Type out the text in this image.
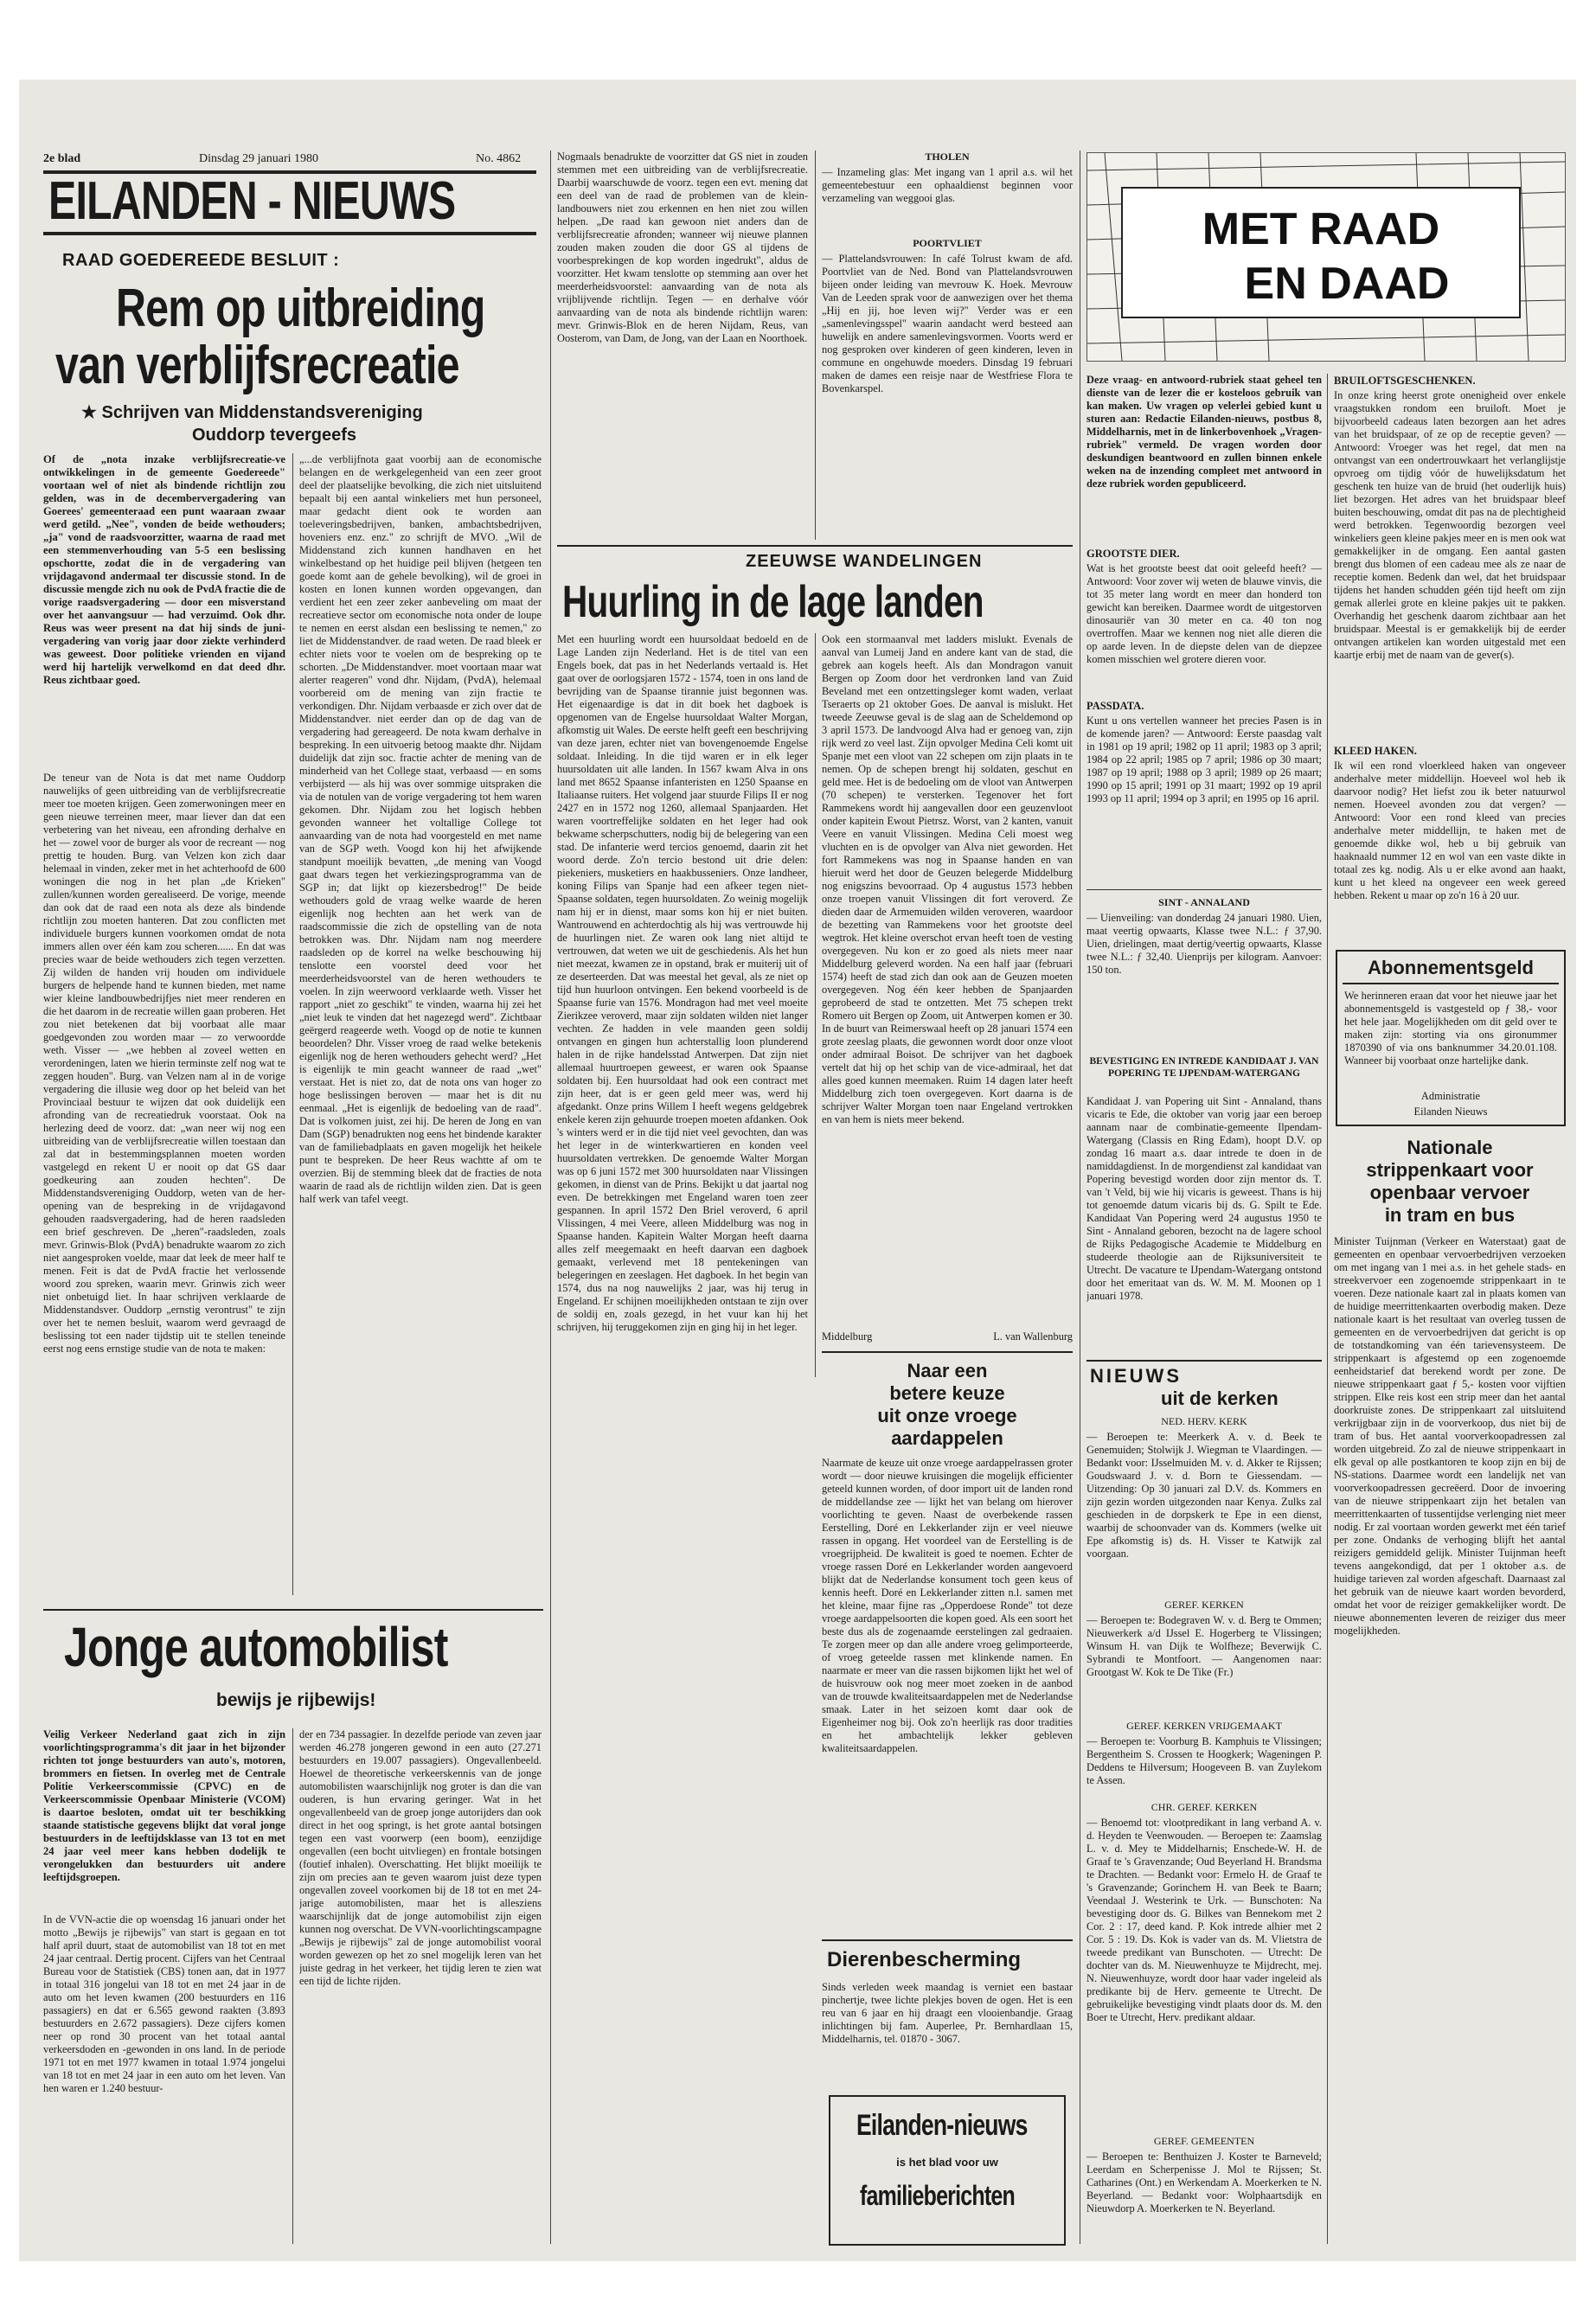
2e blad	Dinsdag 29 januari 1980	No. 4862
EILANDEN - NIEUWS
RAAD GOEDEREEDE BESLUIT :
Rem op uitbreiding
van verblijfsrecreatie
★ Schrijven van Middenstandsvereniging
Ouddorp tevergeefs
Of de „nota inzake verblijfsrecreatie-ve ontwikkelingen in de gemeente Goedereede" voortaan wel of niet als bindende richtlijn zou gelden, was in de decembervergadering van Goerees' gemeenteraad een punt waaraan zwaar werd getild. „Nee", vonden de beide wethouders; „ja" vond de raadsvoorzitter, waarna de raad met een stemmenverhouding van 5-5 een beslissing opschortte, zodat die in de vergadering van vrijdagavond andermaal ter discussie stond. In de discussie mengde zich nu ook de PvdA fractie die de vorige raadsvergadering — door een misverstand over het aanvangsuur — had verzuimd. Ook dhr. Reus was weer present na dat hij sinds de juni-vergadering van vorig jaar door ziekte verhinderd was geweest. Door politieke vrienden en vijand werd hij hartelijk verwelkomd en dat deed dhr. Reus zichtbaar goed.
De teneur van de Nota is dat met name Ouddorp nauwelijks of geen uitbreiding van de verblijfsrecreatie meer toe moeten krijgen. Geen zomerwoningen meer en geen nieuwe terreinen meer, maar liever dan dat een verbetering van het niveau, een afronding derhalve en het — zowel voor de burger als voor de recreant — nog prettig te houden. Burg. van Velzen kon zich daar helemaal in vinden, zeker met in het achterhoofd de 600 woningen die nog in het plan „de Krieken" zullen/kunnen worden gerealiseerd. De vorige, meende dan ook dat de raad een nota als deze als bindende richtlijn zou moeten hanteren. Dat zou conflicten met individuele burgers kunnen voorkomen omdat de nota immers allen over één kam zou scheren...... En dat was precies waar de beide wethouders zich tegen verzetten. Zij wilden de handen vrij houden om individuele burgers de helpende hand te kunnen bieden, met name wier kleine landbouwbedrijfjes niet meer renderen en die het daarom in de recreatie willen gaan proberen. Het zou niet betekenen dat bij voorbaat alle maar goedgevonden zou worden maar — zo verwoordde weth. Visser — „we hebben al zoveel wetten en verordeningen, laten we hierin terminste zelf nog wat te zeggen houden". Burg. van Velzen nam al in de vorige vergadering die illusie weg door op het beleid van het Provinciaal bestuur te wijzen dat ook duidelijk een afronding van de recreatiedruk voorstaat. Ook na herlezing deed de voorz. dat: „wan neer wij nog een uitbreiding van de verblijfsrecreatie willen toestaan dan zal dat in bestemmingsplannen moeten worden vastgelegd en rekent U er nooit op dat GS daar goedkeuring aan zouden hechten". De Middenstandsvereniging Ouddorp, weten van de her-opening van de bespreking in de vrijdagavond gehouden raadsvergadering, had de heren raadsleden een brief geschreven. De „heren"-raadsleden, zoals mevr. Grinwis-Blok (PvdA) benadrukte waarom zo zich niet aangesproken voelde, maar dat leek de meer half te menen. Feit is dat de PvdA fractie het verlossende woord zou spreken, waarin mevr. Grinwis zich weer niet onbetuigd liet. In haar schrijven verklaarde de Middenstandsver. Ouddorp „ernstig verontrust" te zijn over het te nemen besluit, waarom werd gevraagd de beslissing tot een nader tijdstip uit te stellen teneinde eerst nog eens ernstige studie van de nota te maken:
„...de verblijfnota gaat voorbij aan de economische belangen en de werkgelegenheid van een zeer groot deel der plaatselijke bevolking, die zich niet uitsluitend bepaalt bij een aantal winkeliers met hun personeel, maar gedacht dient ook te worden aan toeleveringsbedrijven, banken, ambachtsbedrijven, hoveniers enz. enz." zo schrijft de MVO. „Wil de Middenstand zich kunnen handhaven en het winkelbestand op het huidige peil blijven (hetgeen ten goede komt aan de gehele bevolking), wil de groei in kosten en lonen kunnen worden opgevangen, dan verdient het een zeer zeker aanbeveling om maat der recreatieve sector om economische nota onder de loupe te nemen en eerst alsdan een beslissing te nemen," zo liet de Middenstandver. de raad weten. De raad bleek er echter niets voor te voelen om de bespreking op te schorten. „De Middenstandver. moet voortaan maar wat alerter reageren" vond dhr. Nijdam, (PvdA), helemaal voorbereid om de mening van zijn fractie te verkondigen. Dhr. Nijdam verbaasde er zich over dat de Middenstandver. niet eerder dan op de dag van de vergadering had gereageerd. De nota kwam derhalve in bespreking. In een uitvoerig betoog maakte dhr. Nijdam duidelijk dat zijn soc. fractie achter de mening van de minderheid van het College staat, verbaasd — en soms verbijsterd — als hij was over sommige uitspraken die via de notulen van de vorige vergadering tot hem waren gekomen. Dhr. Nijdam zou het logisch hebben gevonden wanneer het voltallige College tot aanvaarding van de nota had voorgesteld en met name van de SGP weth. Voogd kon hij het afwijkende standpunt moeilijk bevatten, „de mening van Voogd gaat dwars tegen het verkiezingsprogramma van de SGP in; dat lijkt op kiezersbedrog!" De beide wethouders gold de vraag welke waarde de heren eigenlijk nog hechten aan het werk van de raadscommissie die zich de opstelling van de nota betrokken was. Dhr. Nijdam nam nog meerdere raadsleden op de korrel na welke beschouwing hij tenslotte een voorstel deed voor het meerderheidsvoorstel van de heren wethouders te voelen. In zijn weerwoord verklaarde weth. Visser het rapport „niet zo geschikt" te vinden, waarna hij zei het „niet leuk te vinden dat het nagezegd werd". Zichtbaar geërgerd reageerde weth. Voogd op de notie te kunnen beoordelen? Dhr. Visser vroeg de raad welke betekenis eigenlijk nog de heren wethouders gehecht werd? „Het is eigenlijk te min geacht wanneer de raad „wet" verstaat. Het is niet zo, dat de nota ons van hoger zo hoge beslissingen beroven — maar het is dit nu eenmaal. „Het is eigenlijk de bedoeling van de raad". Dat is volkomen juist, zei hij. De heren de Jong en van Dam (SGP) benadrukten nog eens het bindende karakter van de familiebadplaats en gaven mogelijk het heikele punt te bespreken. De heer Reus wachtte af om te overzien. Bij de stemming bleek dat de fracties de nota waarin de raad als de richtlijn wilden zien. Dat is geen half werk van tafel veegt.
Jonge automobilist
bewijs je rijbewijs!
Veilig Verkeer Nederland gaat zich in zijn voorlichtingsprogramma's dit jaar in het bijzonder richten tot jonge bestuurders van auto's, motoren, brommers en fietsen. In overleg met de Centrale Politie Verkeerscommissie (CPVC) en de Verkeerscommissie Openbaar Ministerie (VCOM) is daartoe besloten, omdat uit ter beschikking staande statistische gegevens blijkt dat voral jonge bestuurders in de leeftijdsklasse van 13 tot en met 24 jaar veel meer kans hebben dodelijk te verongelukken dan bestuurders uit andere leeftijdsgroepen.
In de VVN-actie die op woensdag 16 januari onder het motto „Bewijs je rijbewijs" van start is gegaan en tot half april duurt, staat de automobilist van 18 tot en met 24 jaar centraal. Dertig procent. Cijfers van het Centraal Bureau voor de Statistiek (CBS) tonen aan, dat in 1977 in totaal 316 jongelui van 18 tot en met 24 jaar in de auto om het leven kwamen (200 bestuurders en 116 passagiers) en dat er 6.565 gewond raakten (3.893 bestuurders en 2.672 passagiers). Deze cijfers komen neer op rond 30 procent van het totaal aantal verkeersdoden en -gewonden in ons land. In de periode 1971 tot en met 1977 kwamen in totaal 1.974 jongelui van 18 tot en met 24 jaar in een auto om het leven. Van hen waren er 1.240 bestuur-
der en 734 passagier. In dezelfde periode van zeven jaar werden 46.278 jongeren gewond in een auto (27.271 bestuurders en 19.007 passagiers). Ongevallenbeeld. Hoewel de theoretische verkeerskennis van de jonge automobilisten waarschijnlijk nog groter is dan die van ouderen, is hun ervaring geringer. Wat in het ongevallenbeeld van de groep jonge autorijders dan ook direct in het oog springt, is het grote aantal botsingen tegen een vast voorwerp (een boom), eenzijdige ongevallen (een bocht uitvliegen) en frontale botsingen (foutief inhalen). Overschatting. Het blijkt moeilijk te zijn om precies aan te geven waarom juist deze typen ongevallen zoveel voorkomen bij de 18 tot en met 24-jarige automobilisten, maar het is allesziens waarschijnlijk dat de jonge automobilist zijn eigen kunnen nog overschat. De VVN-voorlichtingscampagne „Bewijs je rijbewijs" zal de jonge automobilist vooral worden gewezen op het zo snel mogelijk leren van het juiste gedrag in het verkeer, het tijdig leren te zien wat een tijd de lichte rijden.
Nogmaals benadrukte de voorzitter dat GS niet in zouden stemmen met een uitbreiding van de verblijfsrecreatie. Daarbij waarschuwde de voorz. tegen een evt. mening dat een deel van de raad de problemen van de klein-landbouwers niet zou erkennen en hen niet zou willen helpen. „De raad kan gewoon niet anders dan de verblijfsrecreatie afronden; wanneer wij nieuwe plannen zouden maken zouden die door GS al tijdens de voorbesprekingen de kop worden ingedrukt", aldus de voorzitter. Het kwam tenslotte op stemming aan over het meerderheidsvoorstel: aanvaarding van de nota als vrijblijvende richtlijn. Tegen — en derhalve vóór aanvaarding van de nota als bindende richtlijn waren: mevr. Grinwis-Blok en de heren Nijdam, Reus, van Oosterom, van Dam, de Jong, van der Laan en Noorthoek.
THOLEN
— Inzameling glas: Met ingang van 1 april a.s. wil het gemeentebestuur een ophaaldienst beginnen voor verzameling van weggooi glas.
POORTVLIET
— Plattelandsvrouwen: In café Tolrust kwam de afd. Poortvliet van de Ned. Bond van Plattelandsvrouwen bijeen onder leiding van mevrouw K. Hoek. Mevrouw Van de Leeden sprak voor de aanwezigen over het thema „Hij en jij, hoe leven wij?" Verder was er een „samenlevingsspel" waarin aandacht werd besteed aan huwelijk en andere samenlevingsvormen. Voorts werd er nog gesproken over kinderen of geen kinderen, leven in commune en ongehuwde moeders. Dinsdag 19 februari maken de dames een reisje naar de Westfriese Flora te Bovenkarspel.
ZEEUWSE WANDELINGEN
Huurling in de lage landen
Met een huurling wordt een huursoldaat bedoeld en de Lage Landen zijn Nederland. Het is de titel van een Engels boek, dat pas in het Nederlands vertaald is. Het gaat over de oorlogsjaren 1572 - 1574, toen in ons land de bevrijding van de Spaanse tirannie juist begonnen was. Het eigenaardige is dat in dit boek het dagboek is opgenomen van de Engelse huursoldaat Walter Morgan, afkomstig uit Wales. De eerste helft geeft een beschrijving van deze jaren, echter niet van bovengenoemde Engelse soldaat. Inleiding. In die tijd waren er in elk leger huursoldaten uit alle landen. In 1567 kwam Alva in ons land met 8652 Spaanse infanteristen en 1250 Spaanse en Italiaanse ruiters. Het volgend jaar stuurde Filips II er nog 2427 en in 1572 nog 1260, allemaal Spanjaarden. Het waren voortreffelijke soldaten en het leger had ook bekwame scherpschutters, nodig bij de belegering van een stad. De infanterie werd tercios genoemd, daarin zit het woord derde. Zo'n tercio bestond uit drie delen: piekeniers, musketiers en haakbusseniers. Onze landheer, koning Filips van Spanje had een afkeer tegen niet-Spaanse soldaten, tegen huursoldaten. Zo weinig mogelijk nam hij er in dienst, maar soms kon hij er niet buiten. Wantrouwend en achterdochtig als hij was vertrouwde hij de huurlingen niet. Ze waren ook lang niet altijd te vertrouwen, dat weten we uit de geschiedenis. Als het hun niet meezat, kwamen ze in opstand, brak er muiterij uit of ze deserteerden. Dat was meestal het geval, als ze niet op tijd hun huurloon ontvingen. Een bekend voorbeeld is de Spaanse furie van 1576. Mondragon had met veel moeite Zierikzee veroverd, maar zijn soldaten wilden niet langer vechten. Ze hadden in vele maanden geen soldij ontvangen en gingen hun achterstallig loon plunderend halen in de rijke handelsstad Antwerpen. Dat zijn niet allemaal huurtroepen geweest, er waren ook Spaanse soldaten bij. Een huursoldaat had ook een contract met zijn heer, dat is er geen geld meer was, werd hij afgedankt. Onze prins Willem I heeft wegens geldgebrek enkele keren zijn gehuurde troepen moeten afdanken. Ook 's winters werd er in die tijd niet veel gevochten, dan was het leger in de winterkwartieren en konden veel huursoldaten vertrekken. De genoemde Walter Morgan was op 6 juni 1572 met 300 huursoldaten naar Vlissingen gekomen, in dienst van de Prins. Bekijkt u dat jaartal nog even. De betrekkingen met Engeland waren toen zeer gespannen. In april 1572 Den Briel veroverd, 6 april Vlissingen, 4 mei Veere, alleen Middelburg was nog in Spaanse handen. Kapitein Walter Morgan heeft daarna alles zelf meegemaakt en heeft daarvan een dagboek gemaakt, verlevend met 18 pentekeningen van belegeringen en zeeslagen. Het dagboek. In het begin van 1574, dus na nog nauwelijks 2 jaar, was hij terug in Engeland. Er schijnen moeilijkheden ontstaan te zijn over de soldij en, zoals gezegd, in het vuur kan hij het schrijven, hij teruggekomen zijn en ging hij in het leger.
Ook een stormaanval met ladders mislukt. Evenals de aanval van Lumeij Jand en andere kant van de stad, die gebrek aan kogels heeft. Als dan Mondragon vanuit Bergen op Zoom door het verdronken land van Zuid Beveland met een ontzettingsleger komt waden, verlaat Tseraerts op 21 oktober Goes. De aanval is mislukt. Het tweede Zeeuwse geval is de slag aan de Scheldemond op 3 april 1573. De landvoogd Alva had er genoeg van, zijn rijk werd zo veel last. Zijn opvolger Medina Celi komt uit Spanje met een vloot van 22 schepen om zijn plaats in te nemen. Op de schepen brengt hij soldaten, geschut en geld mee. Het is de bedoeling om de vloot van Antwerpen (70 schepen) te versterken. Tegenover het fort Rammekens wordt hij aangevallen door een geuzenvloot onder kapitein Ewout Pietrsz. Worst, van 2 kanten, vanuit Veere en vanuit Vlissingen. Medina Celi moest weg vluchten en is de opvolger van Alva niet geworden. Het fort Rammekens was nog in Spaanse handen en van hieruit werd het door de Geuzen belegerde Middelburg nog enigszins bevoorraad. Op 4 augustus 1573 hebben onze troepen vanuit Vlissingen dit fort veroverd. Ze dieden daar de Armemuiden wilden veroveren, waardoor de bezetting van Rammekens voor het grootste deel wegtrok. Het kleine overschot ervan heeft toen de vesting overgegeven. Nu kon er zo goed als niets meer naar Middelburg geleverd worden. Na een half jaar (februari 1574) heeft de stad zich dan ook aan de Geuzen moeten overgegeven. Nog één keer hebben de Spanjaarden geprobeerd de stad te ontzetten. Met 75 schepen trekt Romero uit Bergen op Zoom, uit Antwerpen komen er 30. In de buurt van Reimerswaal heeft op 28 januari 1574 een grote zeeslag plaats, die gewonnen wordt door onze vloot onder admiraal Boisot. De schrijver van het dagboek vertelt dat hij op het schip van de vice-admiraal, het dat alles goed kunnen meemaken. Ruim 14 dagen later heeft Middelburg zich toen overgegeven. Kort daarna is de schrijver Walter Morgan toen naar Engeland vertrokken en van hem is niets meer bekend.
Middelburg	L. van Wallenburg
Naar een
betere keuze
uit onze vroege
aardappelen
Naarmate de keuze uit onze vroege aardappelrassen groter wordt — door nieuwe kruisingen die mogelijk efficienter geteeld kunnen worden, of door import uit de landen rond de middellandse zee — lijkt het van belang om hierover voorlichting te geven. Naast de overbekende rassen Eerstelling, Doré en Lekkerlander zijn er veel nieuwe rassen in opgang. Het voordeel van de Eerstelling is de vroegrijpheid. De kwaliteit is goed te noemen. Echter de vroege rassen Doré en Lekkerlander worden aangevoerd blijkt dat de Nederlandse konsument toch geen keus of kennis heeft. Doré en Lekkerlander zitten n.l. samen met het kleine, maar fijne ras „Opperdoese Ronde" tot deze vroege aardappelsoorten die kopen goed. Als een soort het beste dus als de zogenaamde eerstelingen zal gedraaien. Te zorgen meer op dan alle andere vroeg gelimporteerde, of vroeg geteelde rassen met klinkende namen. En naarmate er meer van die rassen bijkomen lijkt het wel of de huisvrouw ook nog meer moet zoeken in de aanbod van de trouwde kwaliteitsaardappelen met de Nederlandse smaak. Later in het seizoen komt daar ook de Eigenheimer nog bij. Ook zo'n heerlijk ras door tradities en het ambachtelijk lekker gebleven kwaliteitsaardappelen.
Dierenbescherming
Sinds verleden week maandag is verniet een bastaar pinchertje, twee lichte plekjes boven de ogen. Het is een reu van 6 jaar en hij draagt een vlooienbandje. Graag inlichtingen bij fam. Auperlee, Pr. Bernhardlaan 15, Middelharnis, tel. 01870 - 3067.
Eilanden-nieuws
is het blad voor uw
familieberichten
MET RAAD
EN DAAD
Deze vraag- en antwoord-rubriek staat geheel ten dienste van de lezer die er kosteloos gebruik van kan maken. Uw vragen op velerlei gebied kunt u sturen aan: Redactie Eilanden-nieuws, postbus 8, Middelharnis, met in de linkerbovenhoek „Vragen-rubriek" vermeld. De vragen worden door deskundigen beantwoord en zullen binnen enkele weken na de inzending compleet met antwoord in deze rubriek worden gepubliceerd.
GROOTSTE DIER.
Wat is het grootste beest dat ooit geleefd heeft? — Antwoord: Voor zover wij weten de blauwe vinvis, die tot 35 meter lang wordt en meer dan honderd ton gewicht kan bereiken. Daarmee wordt de uitgestorven dinosauriër van 30 meter en ca. 40 ton nog overtroffen. Maar we kennen nog niet alle dieren die op aarde leven. In de diepste delen van de diepzee komen misschien wel grotere dieren voor.
PASSDATA.
Kunt u ons vertellen wanneer het precies Pasen is in de komende jaren? — Antwoord: Eerste paasdag valt in 1981 op 19 april; 1982 op 11 april; 1983 op 3 april; 1984 op 22 april; 1985 op 7 april; 1986 op 30 maart; 1987 op 19 april; 1988 op 3 april; 1989 op 26 maart; 1990 op 15 april; 1991 op 31 maart; 1992 op 19 april 1993 op 11 april; 1994 op 3 april; en 1995 op 16 april.
SINT - ANNALAND
— Uienveiling: van donderdag 24 januari 1980. Uien, maat veertig opwaarts, Klasse twee N.L.: ƒ 37,90. Uien, drielingen, maat dertig/veertig opwaarts, Klasse twee N.L.: ƒ 32,40. Uienprijs per kilogram. Aanvoer: 150 ton.
BEVESTIGING EN INTREDE KANDIDAAT J. VAN POPERING TE IJPENDAM-WATERGANG
Kandidaat J. van Popering uit Sint - Annaland, thans vicaris te Ede, die oktober van vorig jaar een beroep aannam naar de combinatie-gemeente Ilpendam-Watergang (Classis en Ring Edam), hoopt D.V. op zondag 16 maart a.s. daar intrede te doen in de namiddagdienst. In de morgendienst zal kandidaat van Popering bevestigd worden door zijn mentor ds. T. van 't Veld, bij wie hij vicaris is geweest. Thans is hij tot genoemde datum vicaris bij ds. G. Spilt te Ede. Kandidaat Van Popering werd 24 augustus 1950 te Sint - Annaland geboren, bezocht na de lagere school de Rijks Pedagogische Academie te Middelburg en studeerde theologie aan de Rijksuniversiteit te Utrecht. De vacature te IJpendam-Watergang ontstond door het emeritaat van ds. W. M. M. Moonen op 1 januari 1978.
NIEUWS
uit de kerken
NED. HERV. KERK
— Beroepen te: Meerkerk A. v. d. Beek te Genemuiden; Stolwijk J. Wiegman te Vlaardingen. — Bedankt voor: IJsselmuiden M. v. d. Akker te Rijssen; Goudswaard J. v. d. Born te Giessendam. — Uitzending: Op 30 januari zal D.V. ds. Kommers en zijn gezin worden uitgezonden naar Kenya. Zulks zal geschieden in de dorpskerk te Epe in een dienst, waarbij de schoonvader van ds. Kommers (welke uit Epe afkomstig is) ds. H. Visser te Katwijk zal voorgaan.
GEREF. KERKEN
— Beroepen te: Bodegraven W. v. d. Berg te Ommen; Nieuwerkerk a/d IJssel E. Hogerberg te Vlissingen; Winsum H. van Dijk te Wolfheze; Beverwijk C. Sybrandi te Montfoort. — Aangenomen naar: Grootgast W. Kok te De Tike (Fr.)
GEREF. KERKEN VRIJGEMAAKT
— Beroepen te: Voorburg B. Kamphuis te Vlissingen; Bergentheim S. Crossen te Hoogkerk; Wageningen P. Deddens te Hilversum; Hoogeveen B. van Zuylekom te Assen.
CHR. GEREF. KERKEN
— Benoemd tot: vlootpredikant in lang verband A. v. d. Heyden te Veenwouden. — Beroepen te: Zaamslag L. v. d. Mey te Middelharnis; Enschede-W. H. de Graaf te 's Gravenzande; Oud Beyerland H. Brandsma te Drachten. — Bedankt voor: Ermelo H. de Graaf te 's Gravenzande; Gorinchem H. van Beek te Baarn; Veendaal J. Westerink te Urk. — Bunschoten: Na bevestiging door ds. G. Bilkes van Bennekom met 2 Cor. 2 : 17, deed kand. P. Kok intrede alhier met 2 Cor. 5 : 19. Ds. Kok is vader van ds. M. Vlietstra de tweede predikant van Bunschoten. — Utrecht: De dochter van ds. M. Nieuwenhuyze te Mijdrecht, mej. N. Nieuwenhuyze, wordt door haar vader ingeleid als predikante bij de Herv. gemeente te Utrecht. De gebruikelijke bevestiging vindt plaats door ds. M. den Boer te Utrecht, Herv. predikant aldaar.
GEREF. GEMEENTEN
— Beroepen te: Benthuizen J. Koster te Barneveld; Leerdam en Scherpenisse J. Mol te Rijssen; St. Catharines (Ont.) en Werkendam A. Moerkerken te N. Beyerland. — Bedankt voor: Wolphaartsdijk en Nieuwdorp A. Moerkerken te N. Beyerland.
BRUILOFTSGESCHENKEN.
In onze kring heerst grote onenigheid over enkele vraagstukken rondom een bruiloft. Moet je bijvoorbeeld cadeaus laten bezorgen aan het adres van het bruidspaar, of ze op de receptie geven? — Antwoord: Vroeger was het regel, dat men na ontvangst van een ondertrouwkaart het verlanglijstje opvroeg om tijdig vóór de huwelijksdatum het geschenk ten huize van de bruid (het ouderlijk huis) liet bezorgen. Het adres van het bruidspaar bleef buiten beschouwing, omdat dit pas na de plechtigheid werd betrokken. Tegenwoordig bezorgen veel winkeliers geen kleine pakjes meer en is men ook wat gemakkelijker in de omgang. Een aantal gasten brengt dus blomen of een cadeau mee als ze naar de receptie komen. Bedenk dan wel, dat het bruidspaar tijdens het handen schudden géén tijd heeft om zijn gemak allerlei grote en kleine pakjes uit te pakken. Overhandig het geschenk daarom zichtbaar aan het bruidspaar. Meestal is er gemakkelijk bij de eerder ontvangen artikelen kan worden uitgestald met een kaartje erbij met de naam van de gever(s).
KLEED HAKEN.
Ik wil een rond vloerkleed haken van ongeveer anderhalve meter middellijn. Hoeveel wol heb ik daarvoor nodig? Het liefst zou ik beter natuurwol nemen. Hoeveel avonden zou dat vergen? — Antwoord: Voor een rond kleed van precies anderhalve meter middellijn, te haken met de genoemde dikke wol, heb u bij gebruik van haaknaald nummer 12 en wol van een vaste dikte in totaal zes kg. nodig. Als u er elke avond aan haakt, kunt u het kleed na ongeveer een week gereed hebben. Rekent u maar op zo'n 16 à 20 uur.
Abonnementsgeld
We herinneren eraan dat voor het nieuwe jaar het abonnementsgeld is vastgesteld op ƒ 38,- voor het hele jaar. Mogelijkheden om dit geld over te maken zijn: storting via ons gironummer 1870390 of via ons banknummer 34.20.01.108. Wanneer bij voorbaat onze hartelijke dank.
Administratie
Eilanden Nieuws
Nationale
strippenkaart voor
openbaar vervoer
in tram en bus
Minister Tuijnman (Verkeer en Waterstaat) gaat de gemeenten en openbaar vervoerbedrijven verzoeken om met ingang van 1 mei a.s. in het gehele stads- en streekvervoer een zogenoemde strippenkaart in te voeren. Deze nationale kaart zal in plaats komen van de huidige meerrittenkaarten overbodig maken. Deze nationale kaart is het resultaat van overleg tussen de gemeenten en de vervoerbedrijven dat gericht is op de totstandkoming van één tarievensysteem. De strippenkaart is afgestemd op een zogenoemde eenheidstarief dat berekend wordt per zone. De nieuwe strippenkaart gaat ƒ 5,- kosten voor vijftien strippen. Elke reis kost een strip meer dan het aantal doorkruiste zones. De strippenkaart zal uitsluitend verkrijgbaar zijn in de voorverkoop, dus niet bij de tram of bus. Het aantal voorverkoopadressen zal worden uitgebreid. Zo zal de nieuwe strippenkaart in elk geval op alle postkantoren te koop zijn en bij de NS-stations. Daarmee wordt een landelijk net van voorverkoopadressen gecreëerd. Door de invoering van de nieuwe strippenkaart zijn het betalen van meerrittenkaarten of tussentijdse verlenging niet meer nodig. Er zal voortaan worden gewerkt met één tarief per zone. Ondanks de verhoging blijft het aantal reizigers gemiddeld gelijk. Minister Tuijnman heeft tevens aangekondigd, dat per 1 oktober a.s. de huidige tarieven zal worden afgeschaft. Daarnaast zal het gebruik van de nieuwe kaart worden bevorderd, omdat het voor de reiziger gemakkelijker wordt. De nieuwe abonnementen leveren de reiziger dus meer mogelijkheden.
